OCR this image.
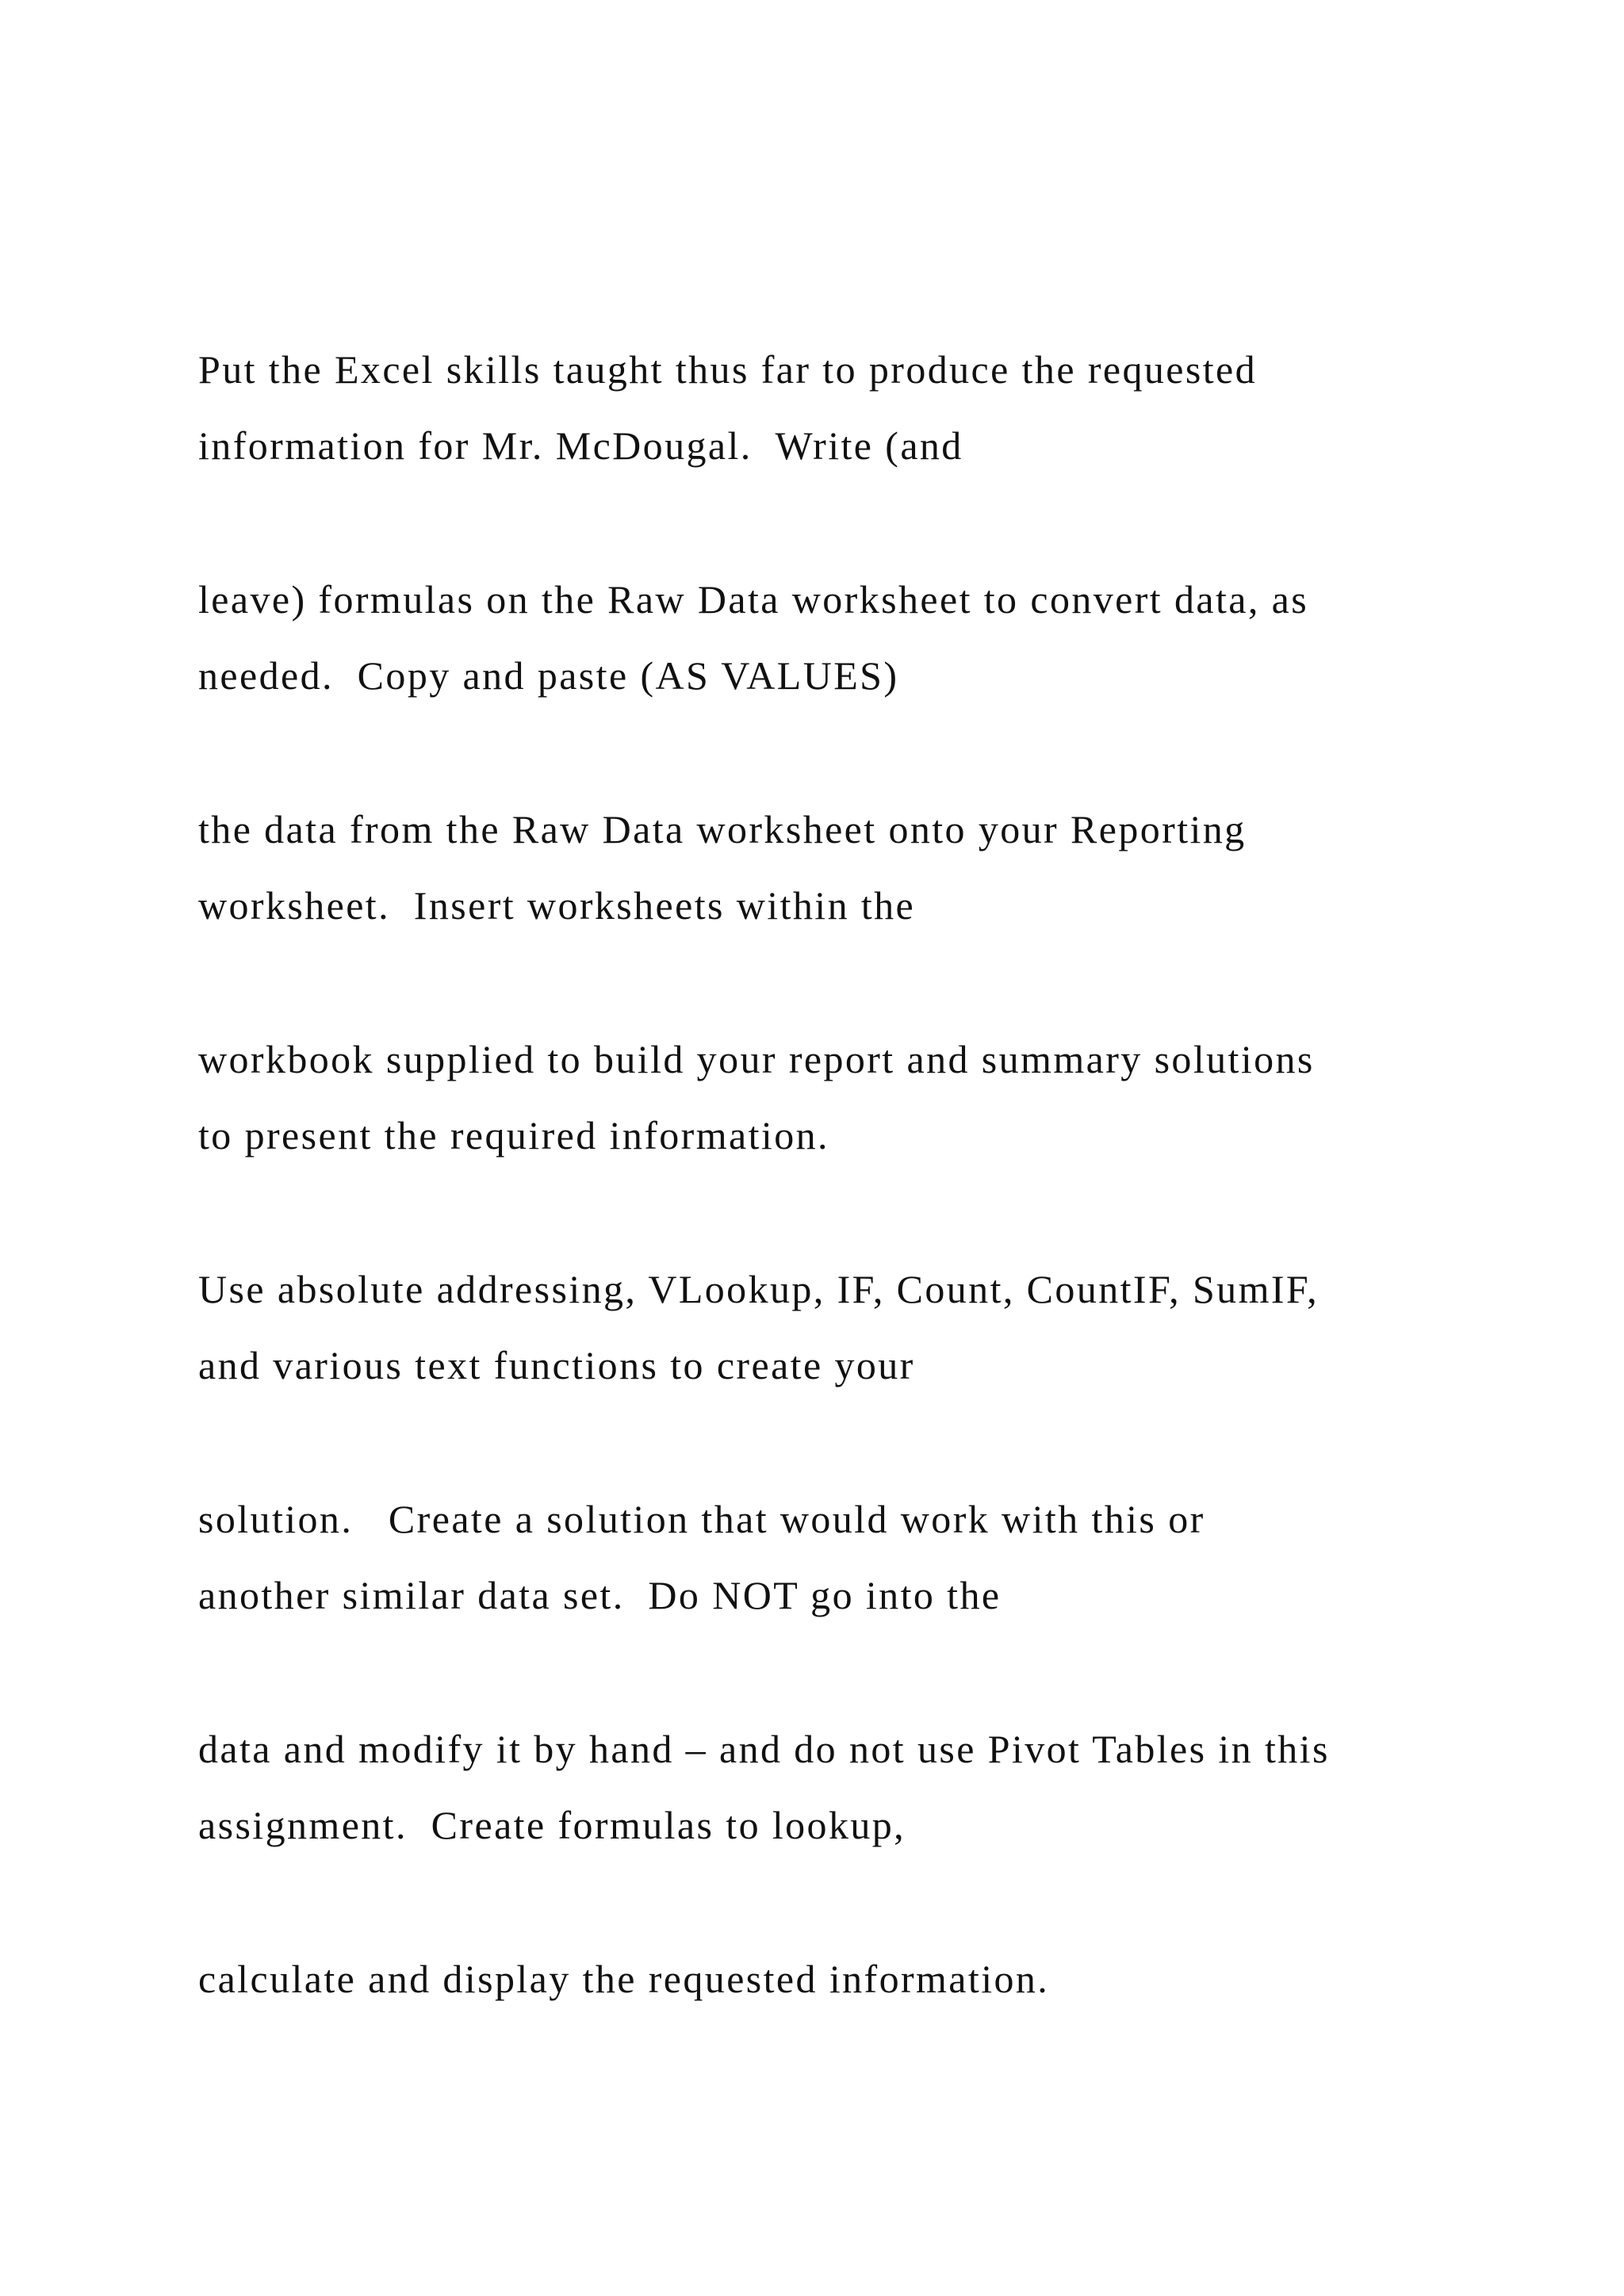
Put the Excel skills taught thus far to produce the requested
information for Mr. McDougal.  Write (and

leave) formulas on the Raw Data worksheet to convert data, as
needed.  Copy and paste (AS VALUES)

the data from the Raw Data worksheet onto your Reporting
worksheet.  Insert worksheets within the

workbook supplied to build your report and summary solutions
to present the required information.

Use absolute addressing, VLookup, IF, Count, CountIF, SumIF,
and various text functions to create your

solution.   Create a solution that would work with this or
another similar data set.  Do NOT go into the

data and modify it by hand – and do not use Pivot Tables in this
assignment.  Create formulas to lookup,

calculate and display the requested information.
